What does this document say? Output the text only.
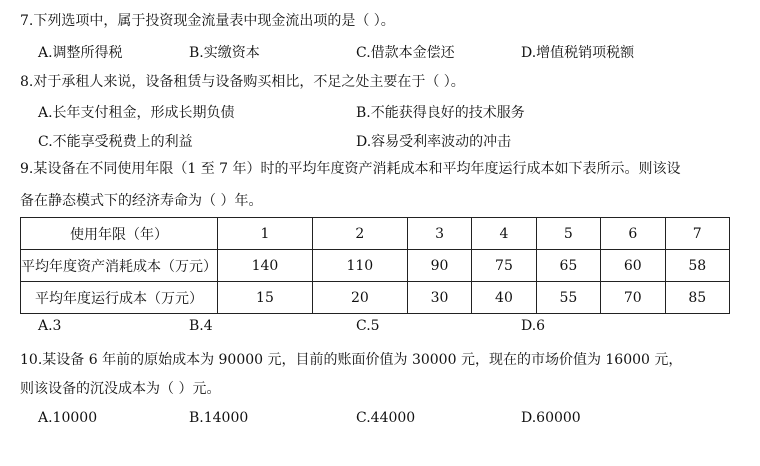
7.下列选项中，属于投资现金流量表中现金流出项的是（ ）。
A.调整所得税	B.实缴资本	C.借款本金偿还	D.增值税销项税额
8.对于承租人来说，设备租赁与设备购买相比，不足之处主要在于（ ）。
A.长年支付租金，形成长期负债	B.不能获得良好的技术服务
C.不能享受税费上的利益	D.容易受利率波动的冲击
9.某设备在不同使用年限（1 至 7 年）时的平均年度资产消耗成本和平均年度运行成本如下表所示。则该设
备在静态模式下的经济寿命为（ ）年。
使用年限（年）	1	2	3	4	5	6	7
平均年度资产消耗成本（万元）	140	110	90	75	65	60	58
平均年度运行成本（万元）	15	20	30	40	55	70	85
A.3	B.4	C.5	D.6
10.某设备 6 年前的原始成本为 90000 元，目前的账面价值为 30000 元，现在的市场价值为 16000 元，
则该设备的沉没成本为（ ）元。
A.10000	B.14000	C.44000	D.60000
